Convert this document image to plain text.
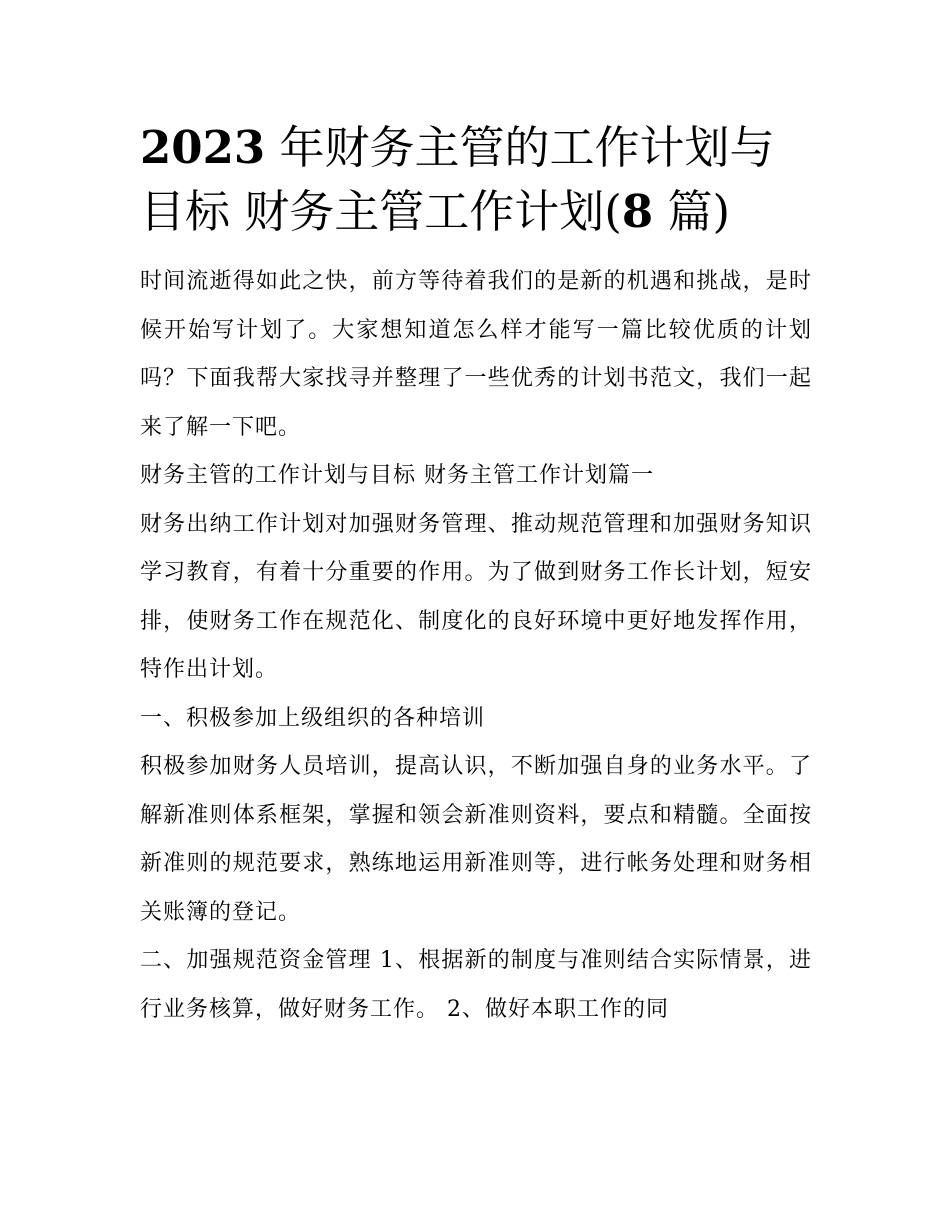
2023 年财务主管的工作计划与目标 财务主管工作计划(8 篇)

时间流逝得如此之快，前方等待着我们的是新的机遇和挑战，是时候开始写计划了。大家想知道怎么样才能写一篇比较优质的计划吗？下面我帮大家找寻并整理了一些优秀的计划书范文，我们一起来了解一下吧。

财务主管的工作计划与目标 财务主管工作计划篇一

财务出纳工作计划对加强财务管理、推动规范管理和加强财务知识学习教育，有着十分重要的作用。为了做到财务工作长计划，短安排，使财务工作在规范化、制度化的良好环境中更好地发挥作用，特作出计划。

一、积极参加上级组织的各种培训

积极参加财务人员培训，提高认识，不断加强自身的业务水平。了解新准则体系框架，掌握和领会新准则资料，要点和精髓。全面按新准则的规范要求，熟练地运用新准则等，进行帐务处理和财务相关账簿的登记。

二、加强规范资金管理 1、根据新的制度与准则结合实际情景，进行业务核算，做好财务工作。 2、做好本职工作的同
